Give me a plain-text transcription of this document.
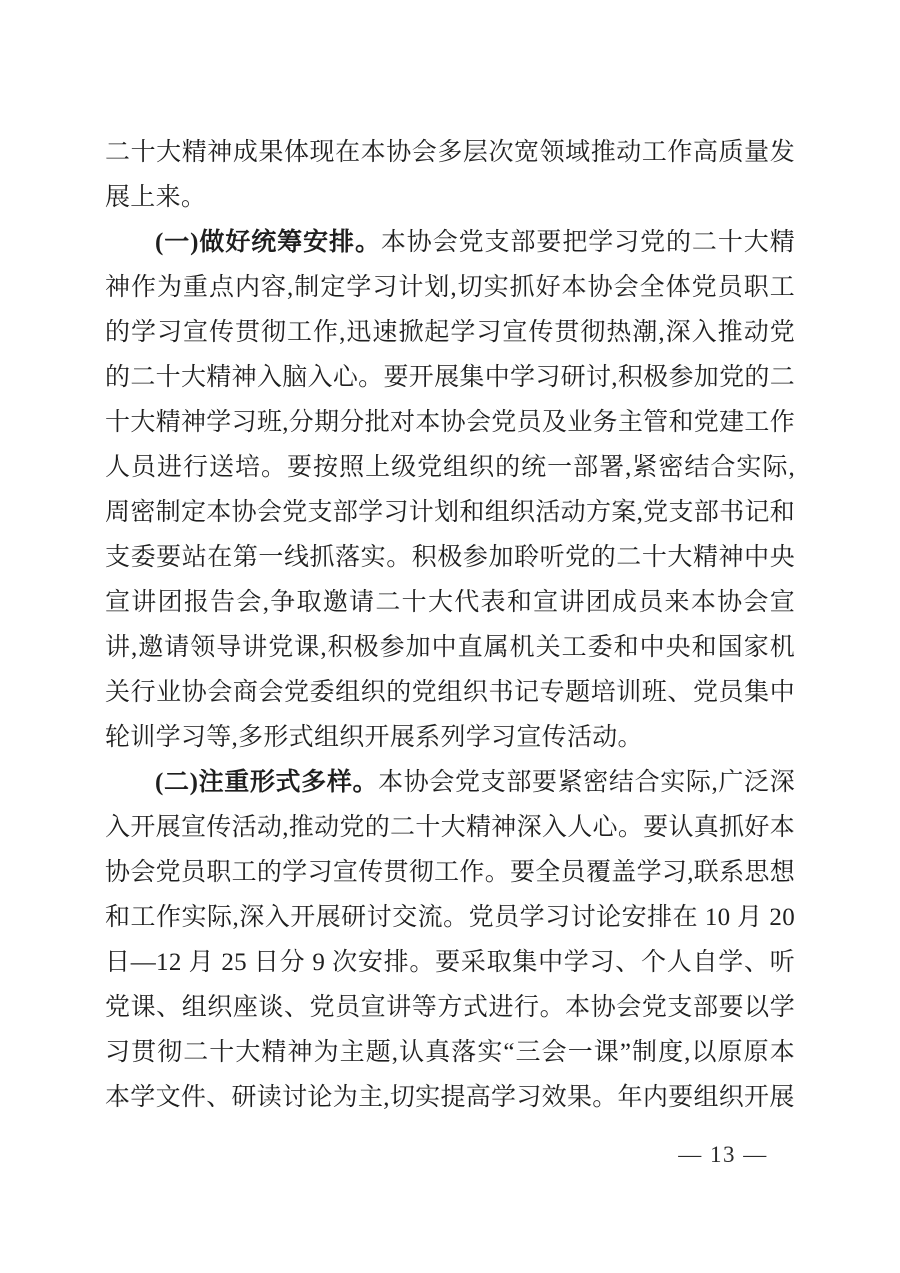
二十大精神成果体现在本协会多层次宽领域推动工作高质量发展上来。

(一)做好统筹安排。本协会党支部要把学习党的二十大精神作为重点内容,制定学习计划,切实抓好本协会全体党员职工的学习宣传贯彻工作,迅速掀起学习宣传贯彻热潮,深入推动党的二十大精神入脑入心。要开展集中学习研讨,积极参加党的二十大精神学习班,分期分批对本协会党员及业务主管和党建工作人员进行送培。要按照上级党组织的统一部署,紧密结合实际,周密制定本协会党支部学习计划和组织活动方案,党支部书记和支委要站在第一线抓落实。积极参加聆听党的二十大精神中央宣讲团报告会,争取邀请二十大代表和宣讲团成员来本协会宣讲,邀请领导讲党课,积极参加中直属机关工委和中央和国家机关行业协会商会党委组织的党组织书记专题培训班、党员集中轮训学习等,多形式组织开展系列学习宣传活动。

(二)注重形式多样。本协会党支部要紧密结合实际,广泛深入开展宣传活动,推动党的二十大精神深入人心。要认真抓好本协会党员职工的学习宣传贯彻工作。要全员覆盖学习,联系思想和工作实际,深入开展研讨交流。党员学习讨论安排在 10 月 20 日—12 月 25 日分 9 次安排。要采取集中学习、个人自学、听党课、组织座谈、党员宣讲等方式进行。本协会党支部要以学习贯彻二十大精神为主题,认真落实“三会一课”制度,以原原本本学文件、研读讨论为主,切实提高学习效果。年内要组织开展

— 13 —
